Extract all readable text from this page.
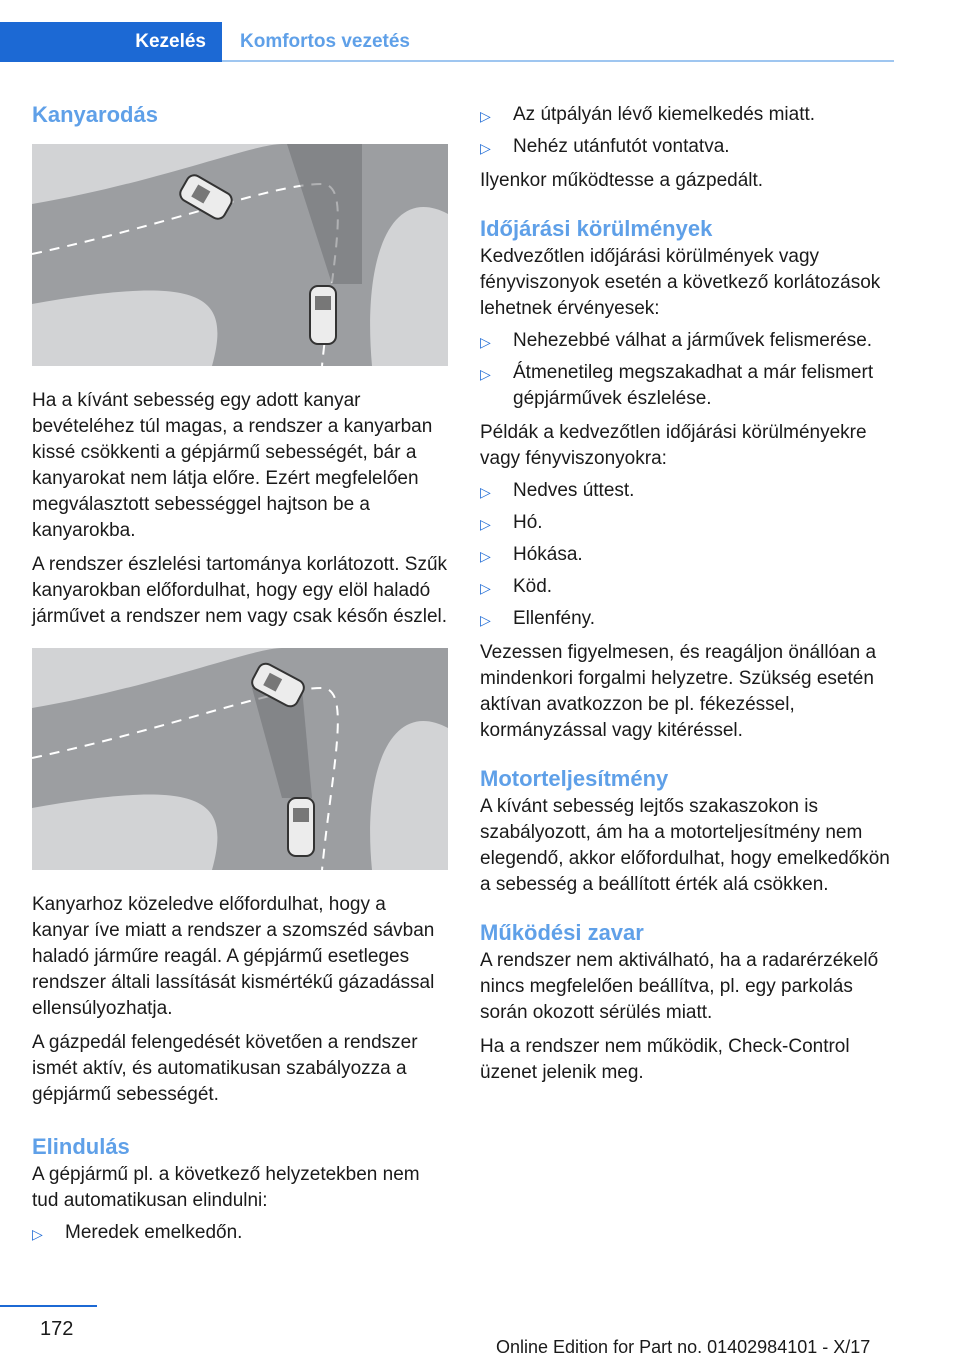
Kezelés	Komfortos vezetés
Kanyarodás

Ha a kívánt sebesség egy adott kanyar bevételéhez túl magas, a rendszer a kanyarban kissé csökkenti a gépjármű sebességét, bár a kanyarokat nem látja előre. Ezért megfelelően megválasztott sebességgel hajtson be a kanyarokba.

A rendszer észlelési tartománya korlátozott. Szűk kanyarokban előfordulhat, hogy egy elöl haladó járművet a rendszer nem vagy csak későn észlel.

Kanyarhoz közeledve előfordulhat, hogy a kanyar íve miatt a rendszer a szomszéd sávban haladó járműre reagál. A gépjármű esetleges rendszer általi lassítását kismértékű gázadással ellensúlyozhatja.

A gázpedál felengedését követően a rendszer ismét aktív, és automatikusan szabályozza a gépjármű sebességét.

Elindulás

A gépjármű pl. a következő helyzetekben nem tud automatikusan elindulni:

▷ Meredek emelkedőn.
▷ Az útpályán lévő kiemelkedés miatt.
▷ Nehéz utánfutót vontatva.

Ilyenkor működtesse a gázpedált.

Időjárási körülmények

Kedvezőtlen időjárási körülmények vagy fényviszonyok esetén a következő korlátozások lehetnek érvényesek:

▷ Nehezebbé válhat a járművek felismerése.
▷ Átmenetileg megszakadhat a már felismert gépjárművek észlelése.

Példák a kedvezőtlen időjárási körülményekre vagy fényviszonyokra:

▷ Nedves úttest.
▷ Hó.
▷ Hókása.
▷ Köd.
▷ Ellenfény.

Vezessen figyelmesen, és reagáljon önállóan a mindenkori forgalmi helyzetre. Szükség esetén aktívan avatkozzon be pl. fékezéssel, kormányzással vagy kitéréssel.

Motorteljesítmény

A kívánt sebesség lejtős szakaszokon is szabályozott, ám ha a motorteljesítmény nem elegendő, akkor előfordulhat, hogy emelkedőkön a sebesség a beállított érték alá csökken.

Működési zavar

A rendszer nem aktiválható, ha a radarérzékelő nincs megfelelően beállítva, pl. egy parkolás során okozott sérülés miatt.

Ha a rendszer nem működik, Check-Control üzenet jelenik meg.

172
Online Edition for Part no. 01402984101 - X/17
